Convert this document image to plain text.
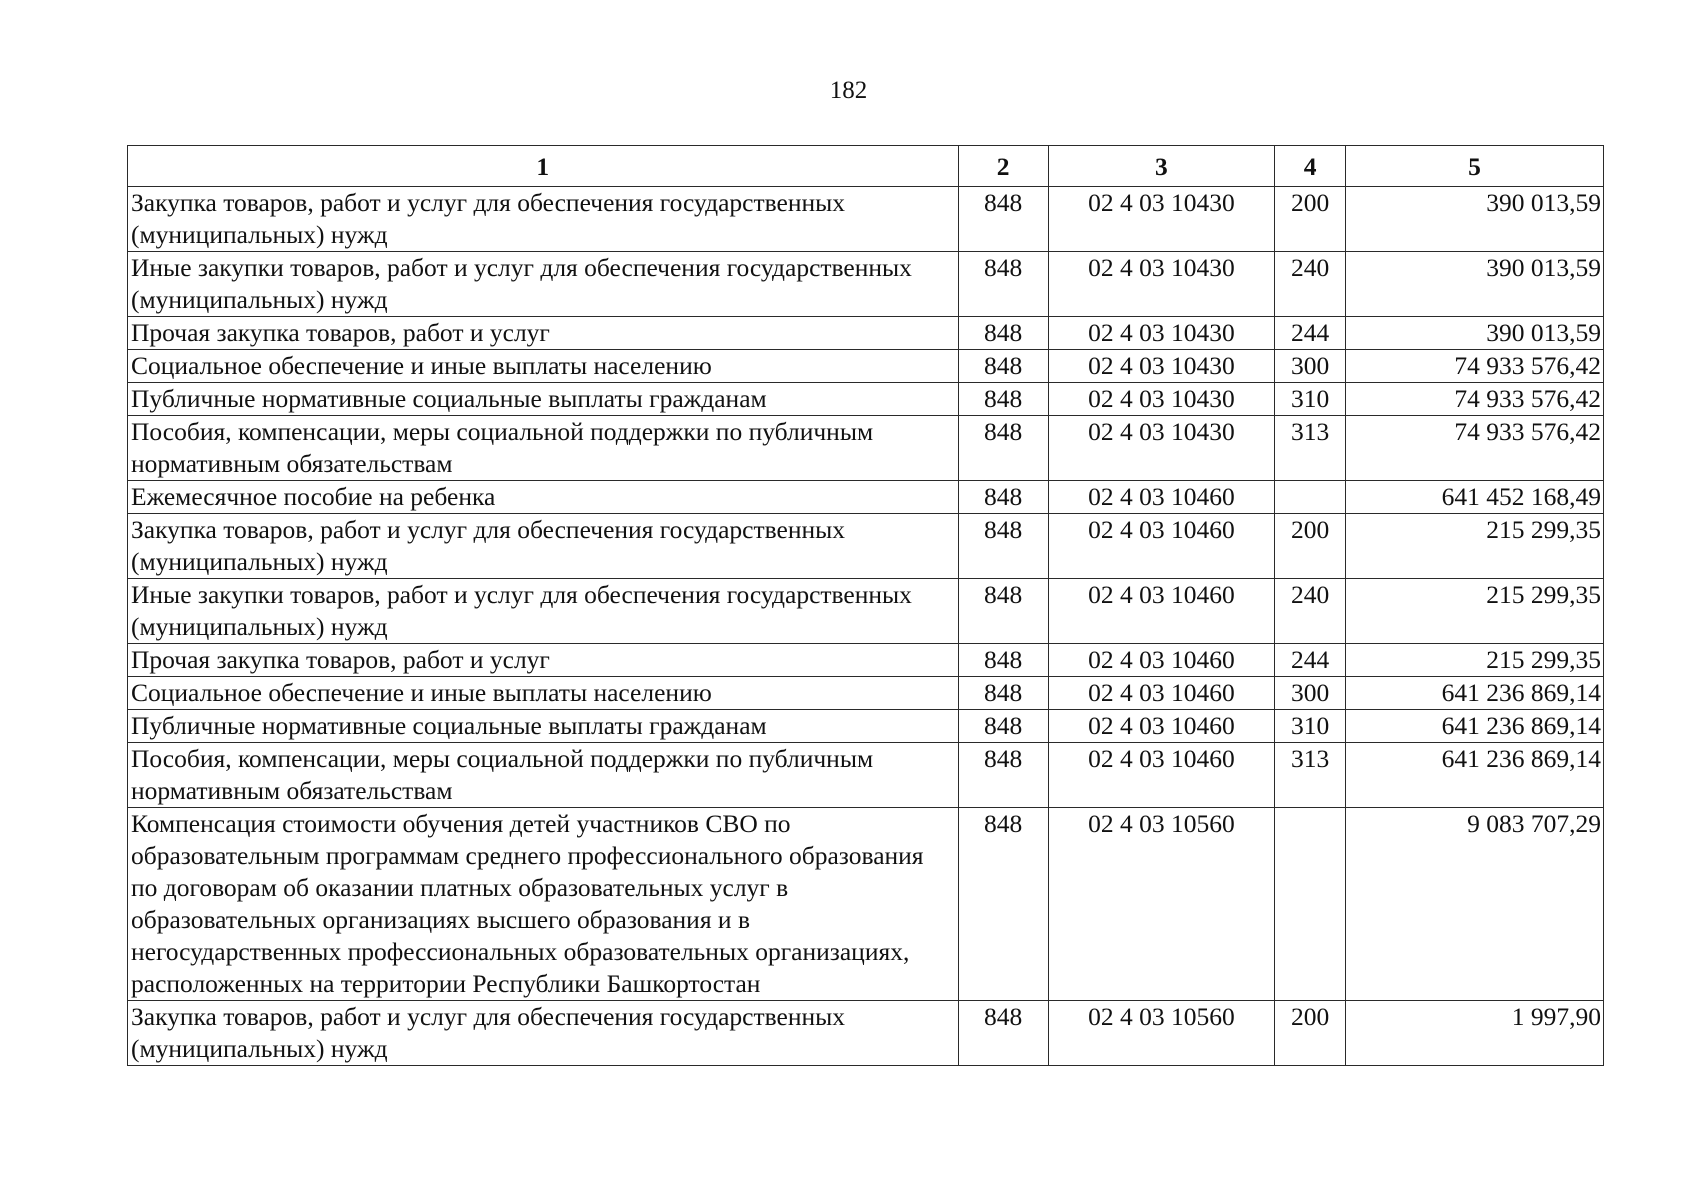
182
1	2	3	4	5
Закупка товаров, работ и услуг для обеспечения государственных (муниципальных) нужд	848	02 4 03 10430	200	390 013,59
Иные закупки товаров, работ и услуг для обеспечения государственных (муниципальных) нужд	848	02 4 03 10430	240	390 013,59
Прочая закупка товаров, работ и услуг	848	02 4 03 10430	244	390 013,59
Социальное обеспечение и иные выплаты населению	848	02 4 03 10430	300	74 933 576,42
Публичные нормативные социальные выплаты гражданам	848	02 4 03 10430	310	74 933 576,42
Пособия, компенсации, меры социальной поддержки по публичным нормативным обязательствам	848	02 4 03 10430	313	74 933 576,42
Ежемесячное пособие на ребенка	848	02 4 03 10460		641 452 168,49
Закупка товаров, работ и услуг для обеспечения государственных (муниципальных) нужд	848	02 4 03 10460	200	215 299,35
Иные закупки товаров, работ и услуг для обеспечения государственных (муниципальных) нужд	848	02 4 03 10460	240	215 299,35
Прочая закупка товаров, работ и услуг	848	02 4 03 10460	244	215 299,35
Социальное обеспечение и иные выплаты населению	848	02 4 03 10460	300	641 236 869,14
Публичные нормативные социальные выплаты гражданам	848	02 4 03 10460	310	641 236 869,14
Пособия, компенсации, меры социальной поддержки по публичным нормативным обязательствам	848	02 4 03 10460	313	641 236 869,14
Компенсация стоимости обучения детей участников СВО по образовательным программам среднего профессионального образования по договорам об оказании платных образовательных услуг в образовательных организациях высшего образования и в негосударственных профессиональных образовательных организациях, расположенных на территории Республики Башкортостан	848	02 4 03 10560		9 083 707,29
Закупка товаров, работ и услуг для обеспечения государственных (муниципальных) нужд	848	02 4 03 10560	200	1 997,90
